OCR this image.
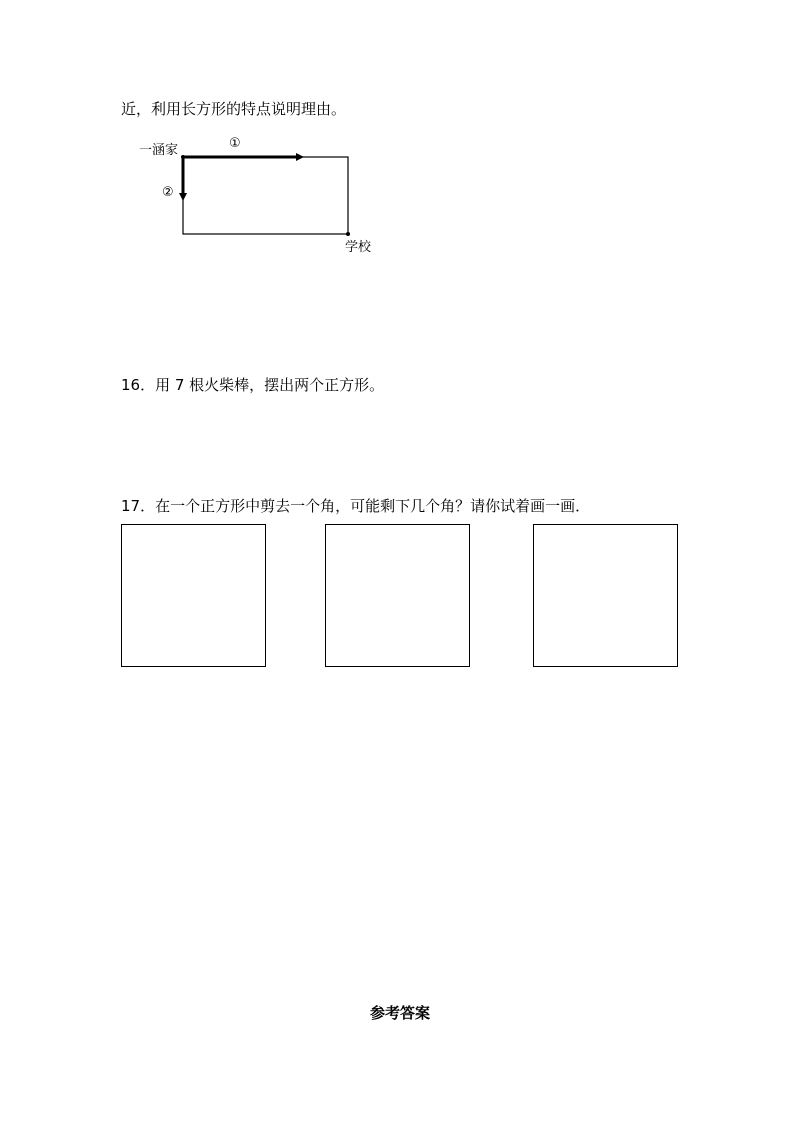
近，利用长方形的特点说明理由。
一涵家
学校
①
②
16．用 7 根火柴棒，摆出两个正方形。
17．在一个正方形中剪去一个角，可能剩下几个角？请你试着画一画．
参考答案
